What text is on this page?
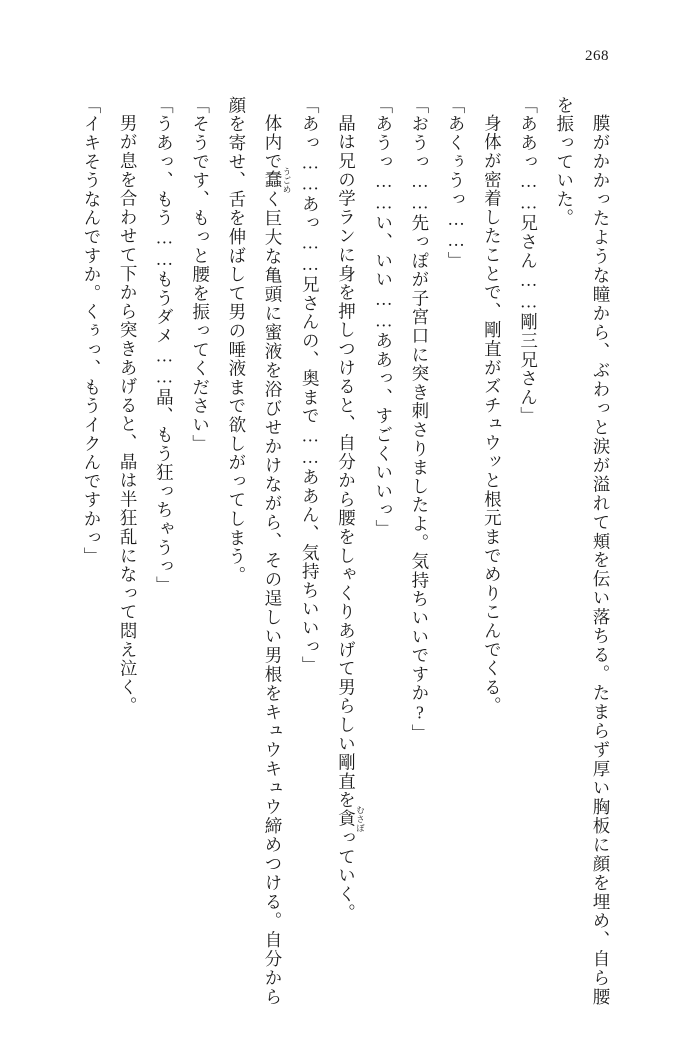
268

膜がかかったような瞳から、ぶわっと涙が溢れて頬を伝い落ちる。たまらず厚い胸板に顔を埋め、自ら腰を振っていた。

「ああっ……兄さん……剛三兄さん」

身体が密着したことで、剛直がズチュウッと根元までめりこんでくる。

「あくぅうっ……」

「おうっ……先っぽが子宮口に突き刺さりましたよ。気持ちいいですか?」

「あうっ……い、いい……ああっ、すごくいいっ」

晶は兄の学ランに身を押しつけると、自分から腰をしゃくりあげて男らしい剛直を貪 むさぼっていく。

「あっ……あっ……兄さんの、奥まで……ああん、気持ちいいっ」

体内で蠢 うごめく巨大な亀頭に蜜液を浴びせかけながら、その逞しい男根をキュウキュウ締めつける。自分から顔を寄せ、舌を伸ばして男の唾液まで欲しがってしまう。

「そうです、もっと腰を振ってください」

「うあっ、もう……もうダメ……晶、もう狂っちゃうっ」

男が息を合わせて下から突きあげると、晶は半狂乱になって悶え泣く。

「イキそうなんですか。くぅっ、もうイクんですかっ」
